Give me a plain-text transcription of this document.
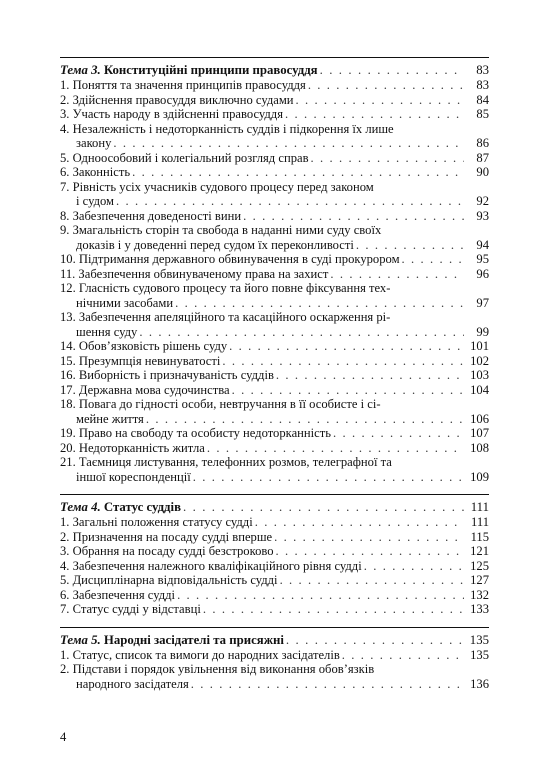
Тема 3. Конституційні принципи правосуддя . . .	83
1. Поняття та значення принципів правосуддя . . .	83
2. Здійснення правосуддя виключно судами . . .	84
3. Участь народу в здійсненні правосуддя . . .	85
4. Незалежність і недоторканність суддів і підкорення їх лише
закону . . .	86
5. Одноособовий і колегіальний розгляд справ . . .	87
6. Законність . . .	90
7. Рівність усіх учасників судового процесу перед законом
і судом . . .	92
8. Забезпечення доведеності вини . . .	93
9. Змагальність сторін та свобода в наданні ними суду своїх
доказів і у доведенні перед судом їх переконливості . . .	94
10. Підтримання державного обвинувачення в суді прокурором . . .	95
11. Забезпечення обвинуваченому права на захист . . .	96
12. Гласність судового процесу та його повне фіксування тех-
нічними засобами . . .	97
13. Забезпечення апеляційного та касаційного оскарження рі-
шення суду . . .	99
14. Обов’язковість рішень суду . . .	101
15. Презумпція невинуватості . . .	102
16. Виборність і призначуваність суддів . . .	103
17. Державна мова судочинства . . .	104
18. Повага до гідності особи, невтручання в її особисте і сі-
мейне життя . . .	106
19. Право на свободу та особисту недоторканність . . .	107
20. Недоторканність житла . . .	108
21. Таємниця листування, телефонних розмов, телеграфної та
іншої кореспонденції . . .	109
Тема 4. Статус суддів . . .	111
1. Загальні положення статусу судді . . .	111
2. Призначення на посаду судді вперше . . .	115
3. Обрання на посаду судді безстроково . . .	121
4. Забезпечення належного кваліфікаційного рівня судді . . .	125
5. Дисциплінарна відповідальність судді . . .	127
6. Забезпечення судді . . .	132
7. Статус судді у відставці . . .	133
Тема 5. Народні засідателі та присяжні . . .	135
1. Статус, список та вимоги до народних засідателів . . .	135
2. Підстави і порядок увільнення від виконання обов’язків
народного засідателя . . .	136
4
